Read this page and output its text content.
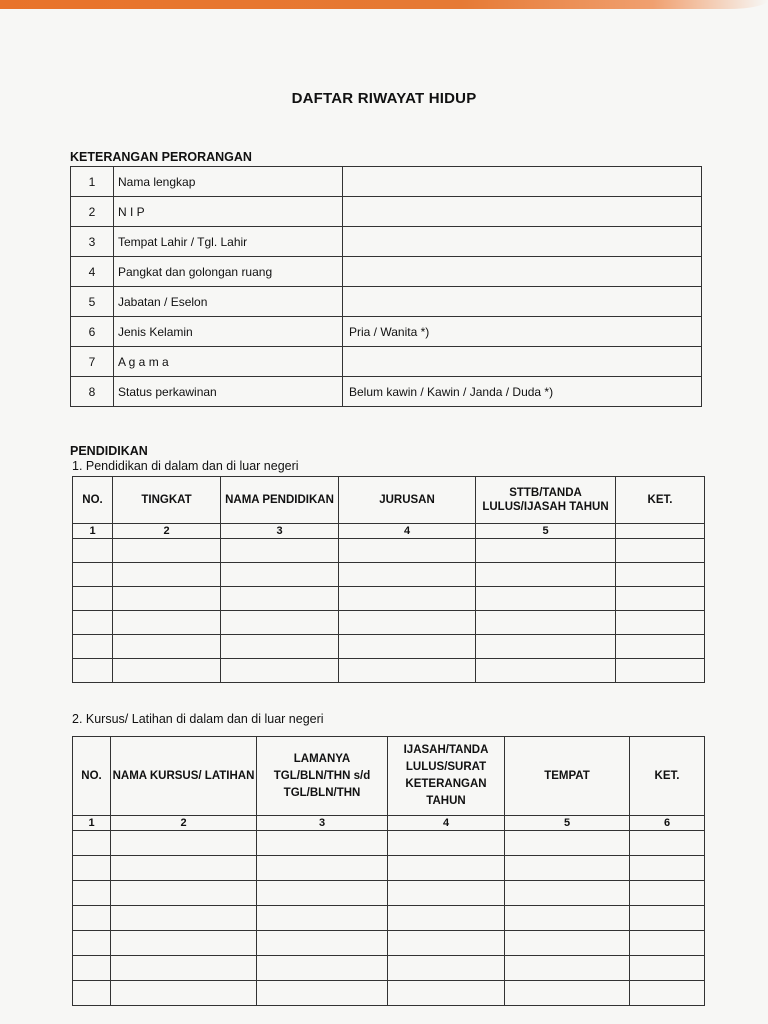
DAFTAR RIWAYAT HIDUP
KETERANGAN PERORANGAN
1	Nama lengkap	
2	N I P	
3	Tempat Lahir / Tgl. Lahir	
4	Pangkat dan golongan ruang	
5	Jabatan / Eselon	
6	Jenis Kelamin	Pria / Wanita *)
7	A g a m a	
8	Status perkawinan	Belum kawin / Kawin / Janda / Duda *)
PENDIDIKAN
1. Pendidikan di dalam dan di luar negeri
NO.	TINGKAT	NAMA PENDIDIKAN	JURUSAN	STTB/TANDA LULUS/IJASAH TAHUN	KET.
1	2	3	4	5	

2. Kursus/ Latihan di dalam dan di luar negeri
NO.	NAMA KURSUS/ LATIHAN	LAMANYA TGL/BLN/THN s/d TGL/BLN/THN	IJASAH/TANDA LULUS/SURAT KETERANGAN TAHUN	TEMPAT	KET.
1	2	3	4	5	6
